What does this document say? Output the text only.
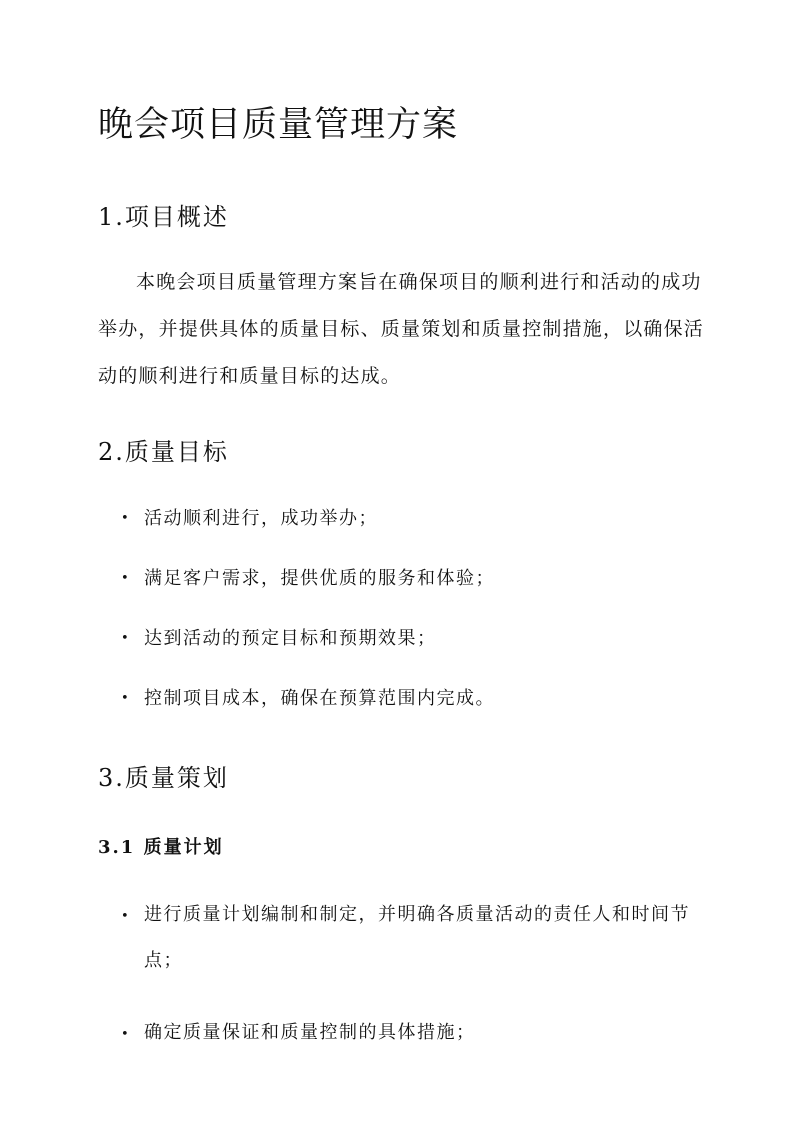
晚会项目质量管理方案
1.项目概述

本晚会项目质量管理方案旨在确保项目的顺利进行和活动的成功举办，并提供具体的质量目标、质量策划和质量控制措施，以确保活动的顺利进行和质量目标的达成。

2.质量目标
• 活动顺利进行，成功举办；
• 满足客户需求，提供优质的服务和体验；
• 达到活动的预定目标和预期效果；
• 控制项目成本，确保在预算范围内完成。
3.质量策划
3.1 质量计划
• 进行质量计划编制和制定，并明确各质量活动的责任人和时间节点；
• 确定质量保证和质量控制的具体措施；
